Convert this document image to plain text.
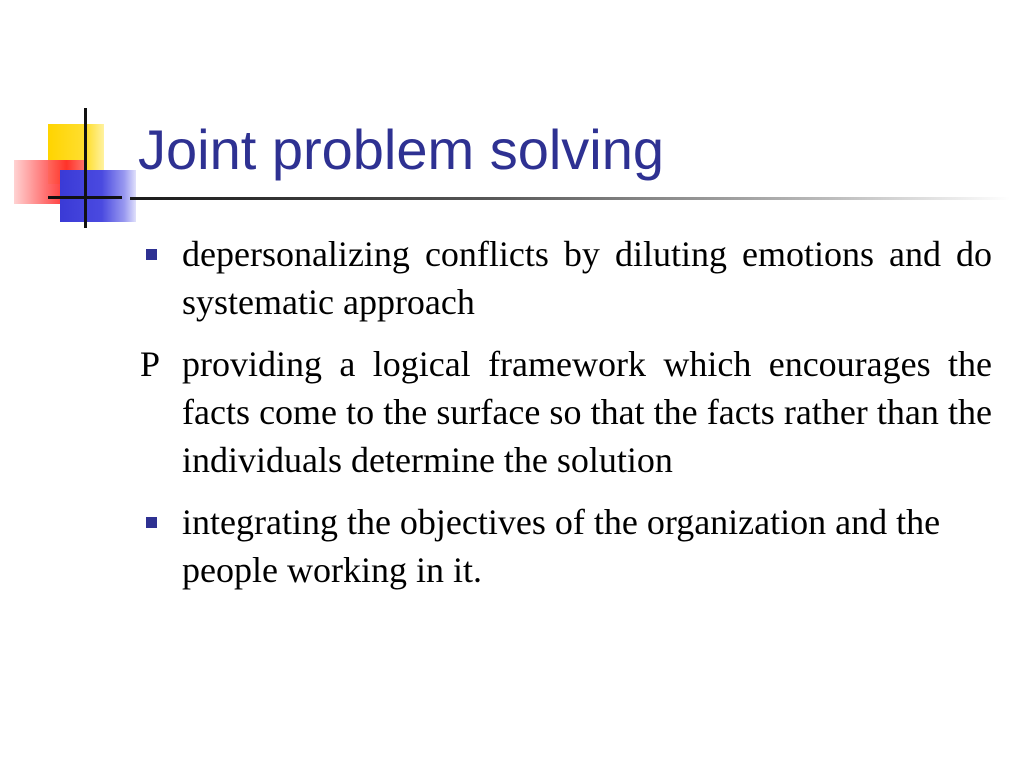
Joint problem solving
depersonalizing conflicts by diluting emotions and do systematic approach
P providing a logical framework which encourages the facts come to the surface so that the facts rather than the individuals determine the solution
integrating the objectives of the organization and the people working in it.
